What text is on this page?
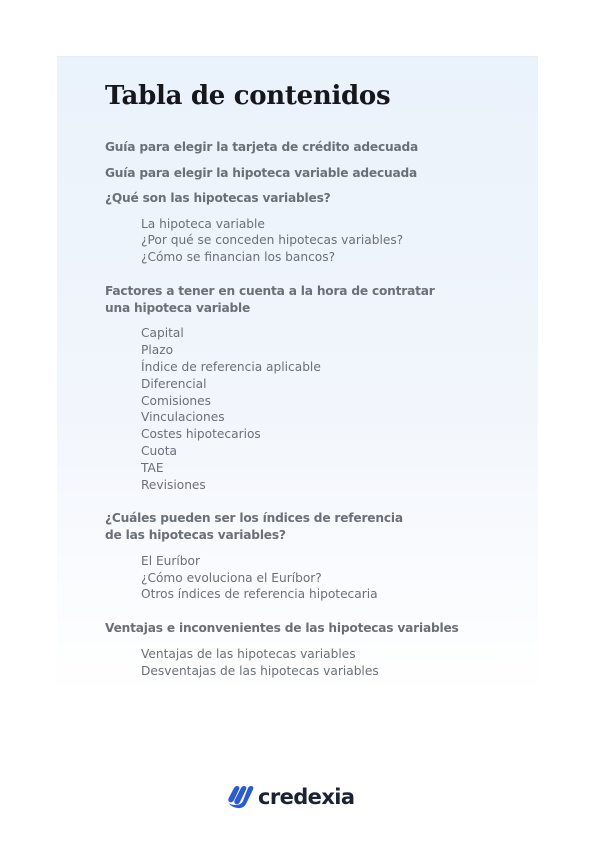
Tabla de contenidos

Guía para elegir la tarjeta de crédito adecuada

Guía para elegir la hipoteca variable adecuada

¿Qué son las hipotecas variables?

La hipoteca variable
¿Por qué se conceden hipotecas variables?
¿Cómo se financian los bancos?

Factores a tener en cuenta a la hora de contratar
una hipoteca variable

Capital
Plazo
Índice de referencia aplicable
Diferencial
Comisiones
Vinculaciones
Costes hipotecarios
Cuota
TAE
Revisiones

¿Cuáles pueden ser los índices de referencia
de las hipotecas variables?

El Euríbor
¿Cómo evoluciona el Euríbor?
Otros índices de referencia hipotecaria

Ventajas e inconvenientes de las hipotecas variables

Ventajas de las hipotecas variables
Desventajas de las hipotecas variables
credexia
